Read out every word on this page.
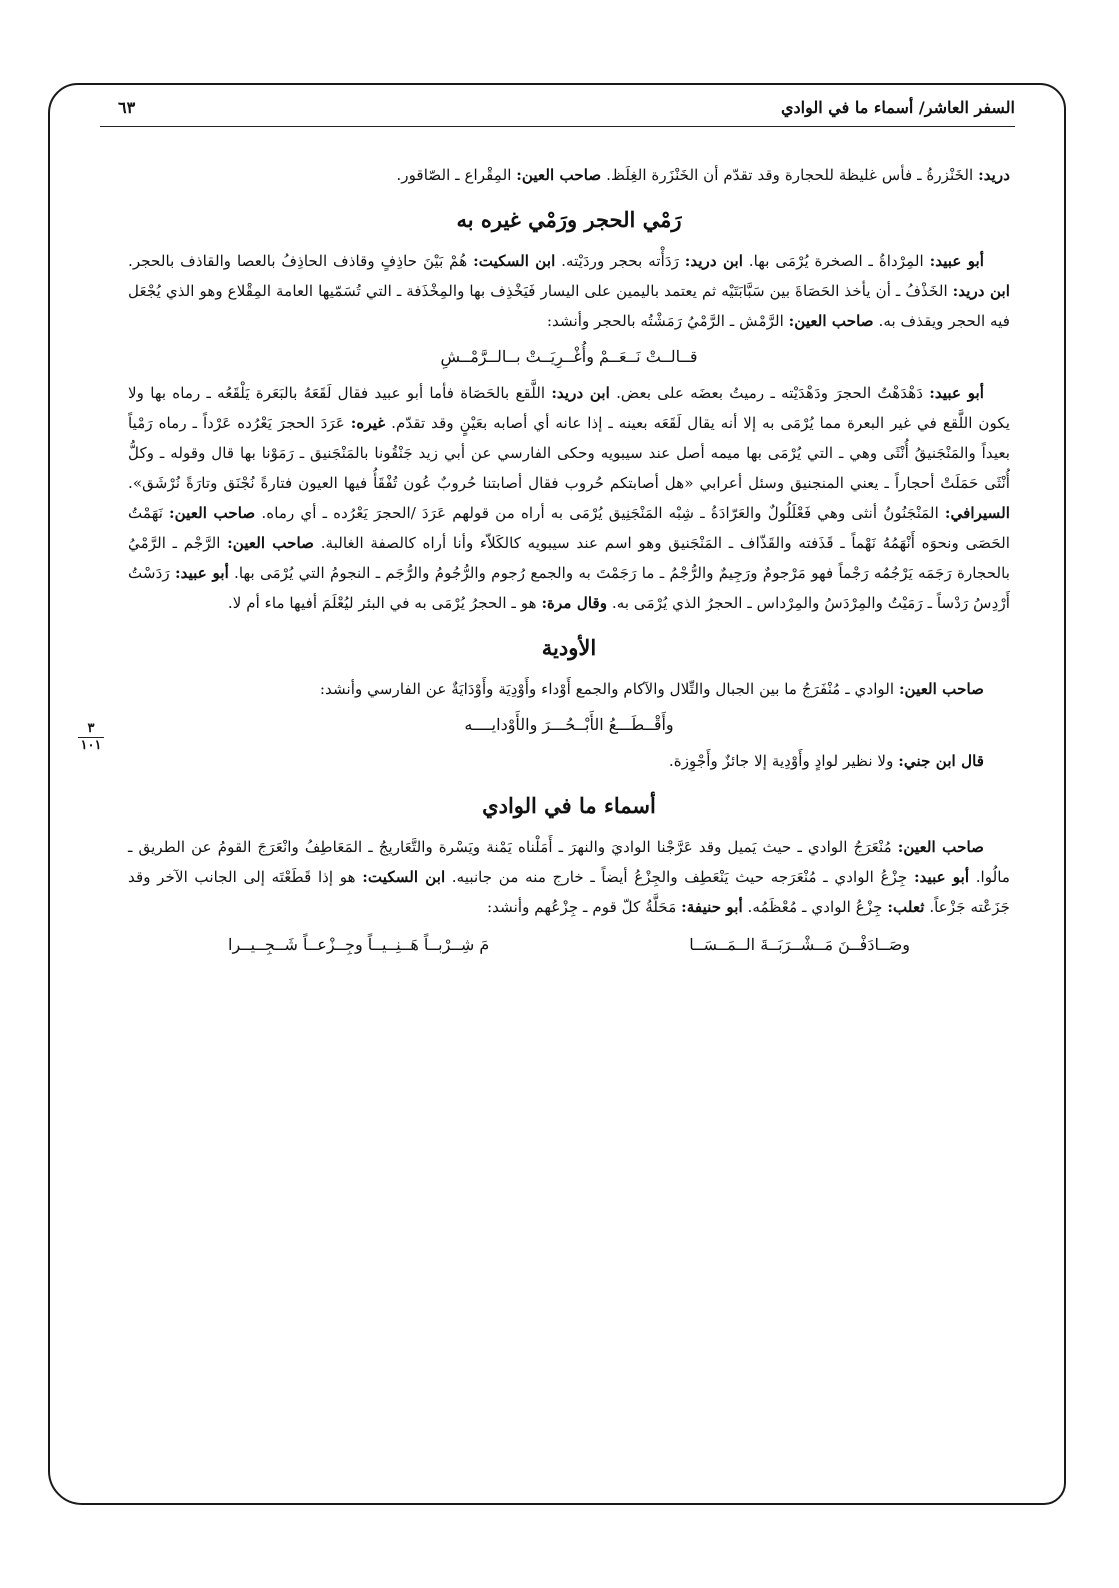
السفر العاشر/ أسماء ما في الوادي
٦٣
٣
١٠١

دريد: الخَنْزرةُ ـ فأس غليظة للحجارة وقد تقدّم أن الخَنْزَرة الغِلَظ. صاحب العين: المِقْراع ـ الصّاقور.

رَمْي الحجر ورَمْي غيره به

أبو عبيد: المِرْداةُ ـ الصخرة يُرْمَى بها. ابن دريد: رَدَأْته بحجر وردَيْته. ابن السكيت: هُمْ بَيْنَ حاذِفٍ وقاذف الحاذِفُ بالعصا والقاذف بالحجر. ابن دريد: الخَذْفُ ـ أن يأخذ الحَصَاةَ بين سَبَّابَتَيْه ثم يعتمد باليمين على اليسار فَيَخْذِف بها والمِخْذَفة ـ التي تُسَمّيها العامة المِقْلاع وهو الذي يُجْعَل فيه الحجر ويقذف به. صاحب العين: الرَّمْش ـ الرَّمْيُ رَمَشْتُه بالحجر وأنشد:

قــالــتْ نَــعَــمْ وأُغْــرِيَــتْ بــالــرَّمْــشِ

أبو عبيد: دَهْدَهْتُ الحجرَ ودَهْدَيْته ـ رميتُ بعضَه على بعض. ابن دريد: اللَّقع بالحَصَاة فأما أبو عبيد فقال لَقَعَهُ بالبَعَرة يَلْقَعُه ـ رماه بها ولا يكون اللَّقع في غير البعرة مما يُرْمَى به إلا أنه يقال لَقَعَه بعينه ـ إذا عانه أي أصابه بعَيْنٍ وقد تقدّم. غيره: عَرَدَ الحجرَ يَعْرُده عَرْداً ـ رماه رَمْياً بعيداً والمَنْجَنيقُ أُنْثَى وهي ـ التي يُرْمَى بها ميمه أصل عند سيبويه وحكى الفارسي عن أبي زيد جَنْقُونا بالمَنْجَنيق ـ رَمَوْنا بها قال وقوله ـ وكلُّ أُنْثَى حَمَلَتْ أحجاراً ـ يعني المنجنيق وسئل أعرابي «هل أصابتكم حُروب فقال أصابتنا حُروبٌ عُون تُفْقَأُ فيها العيون فتارةً نُجْنَق وتارَةً نُرْشَق». السيرافي: المَنْجَنُونُ أنثى وهي فَعْلَلُولٌ والعَرّادَةُ ـ شِبْه المَنْجَنِيق يُرْمَى به أراه من قولهم عَرَدَ /الحجرَ يَعْرُده ـ أي رماه. صاحب العين: نَهَمْتُ الحَصَى ونحوَه أَنْهَمُهُ نَهْماً ـ قَذَفته والقَذّاف ـ المَنْجَنيق وهو اسم عند سيبويه كالكَلاّء وأنا أراه كالصفة الغالبة. صاحب العين: الرَّجْم ـ الرَّمْيُ بالحجارة رَجَمَه يَرْجُمُه رَجْماً فهو مَرْجومٌ ورَجِيمٌ والرُّجْمُ ـ ما رَجَمْتَ به والجمع رُجوم والرُّجُومُ والرُّجَم ـ النجومُ التي يُرْمَى بها. أبو عبيد: رَدَسْتُ أَرْدِسُ رَدْساً ـ رَمَيْتُ والمِرْدَسُ والمِرْداس ـ الحجرُ الذي يُرْمَى به. وقال مرة: هو ـ الحجرُ يُرْمَى به في البئر ليُعْلَمَ أفيها ماء أم لا.

الأودية

صاحب العين: الوادي ـ مُنْفَرَجُ ما بين الجبال والتِّلال والآكام والجمع أَوْداء وأَوْدِيَة وأَوْدَايَةٌ عن الفارسي وأنشد:

وأَقْــطَـــعُ الأَبْــحُـــرَ والأَوْدايــــه

قال ابن جني: ولا نظير لوادٍ وأَوْدِية إلا جائزٌ وأَجْوِزة.

أسماء ما في الوادي

صاحب العين: مُنْعَرَجُ الوادي ـ حيث يَميل وقد عَرَّجْنا الواديَ والنهرَ ـ أَمَلْناه يَمْنة ويَسْرة والتَّعَاريجُ ـ المَعَاطِفُ وانْعَرَجَ القومُ عن الطريق ـ مالُوا. أبو عبيد: جِزْعُ الوادي ـ مُنْعَرَجه حيث يَنْعَطِف والجِزْعُ أيضاً ـ خارج منه من جانبيه. ابن السكيت: هو إذا قَطَعْتَه إلى الجانب الآخر وقد جَزَعْته جَزْعاً. ثعلب: جِزْعُ الوادي ـ مُعْظَمُه. أبو حنيفة: مَحَلَّةُ كلّ قوم ـ جِزْعُهم وأنشد:

وصَــادَفْــنَ مَــشْــرَبَــةَ الــمَــسَــا
مَ شِــرْبــاً هَــنِــيــاً وجِــزْعــاً شَــجِــيــرا
